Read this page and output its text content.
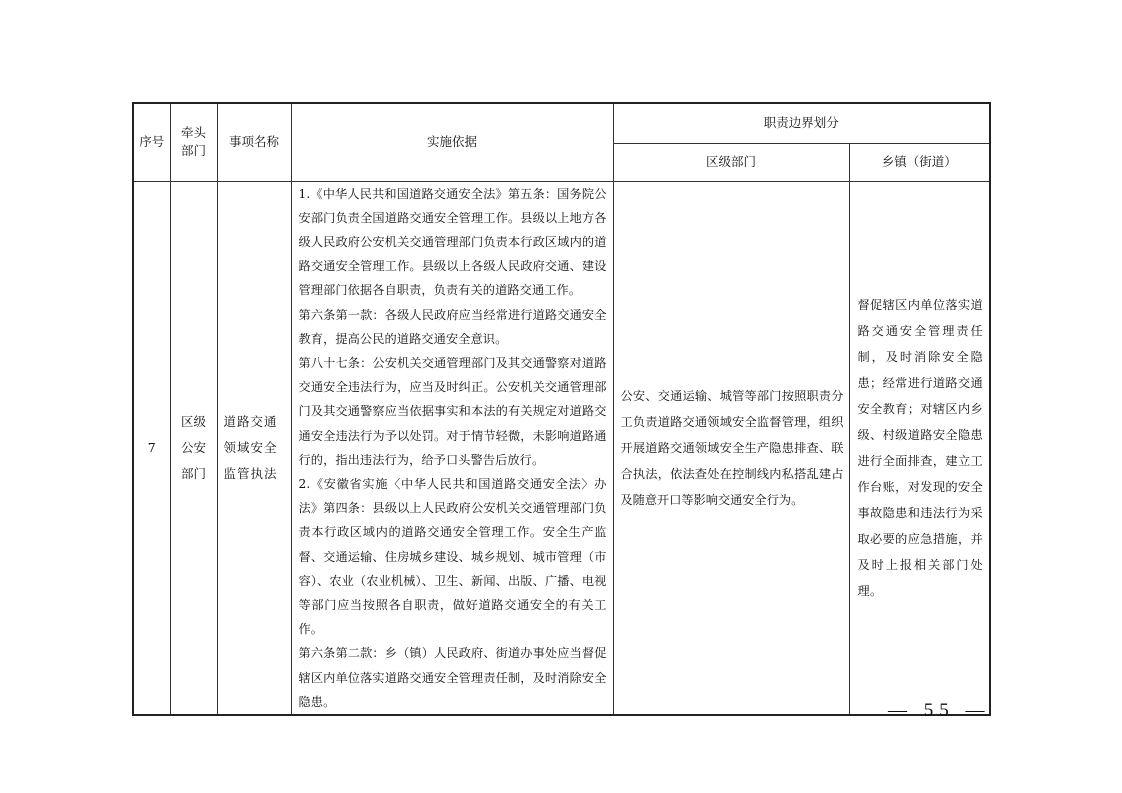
序号	牵头部门	事项名称	实施依据	职责边界划分	
				区级部门	乡镇（街道）
7	区级公安部门	道路交通领域安全监管执法	1.《中华人民共和国道路交通安全法》第五条：国务院公安部门负责全国道路交通安全管理工作。县级以上地方各级人民政府公安机关交通管理部门负责本行政区域内的道路交通安全管理工作。县级以上各级人民政府交通、建设管理部门依据各自职责，负责有关的道路交通工作。

第六条第一款：各级人民政府应当经常进行道路交通安全教育，提高公民的道路交通安全意识。

第八十七条：公安机关交通管理部门及其交通警察对道路交通安全违法行为，应当及时纠正。公安机关交通管理部门及其交通警察应当依据事实和本法的有关规定对道路交通安全违法行为予以处罚。对于情节轻微，未影响道路通行的，指出违法行为，给予口头警告后放行。

2.《安徽省实施〈中华人民共和国道路交通安全法〉办法》第四条：县级以上人民政府公安机关交通管理部门负责本行政区域内的道路交通安全管理工作。安全生产监督、交通运输、住房城乡建设、城乡规划、城市管理（市容）、农业（农业机械）、卫生、新闻、出版、广播、电视等部门应当按照各自职责，做好道路交通安全的有关工作。

第六条第二款：乡（镇）人民政府、街道办事处应当督促辖区内单位落实道路交通安全管理责任制，及时消除安全隐患。	公安、交通运输、城管等部门按照职责分工负责道路交通领域安全监督管理，组织开展道路交通领域安全生产隐患排查、联合执法，依法查处在控制线内私搭乱建占及随意开口等影响交通安全行为。	督促辖区内单位落实道路交通安全管理责任制，及时消除安全隐患；经常进行道路交通安全教育；对辖区内乡级、村级道路安全隐患进行全面排查，建立工作台账，对发现的安全事故隐患和违法行为采取必要的应急措施，并及时上报相关部门处理。
— 55 —
